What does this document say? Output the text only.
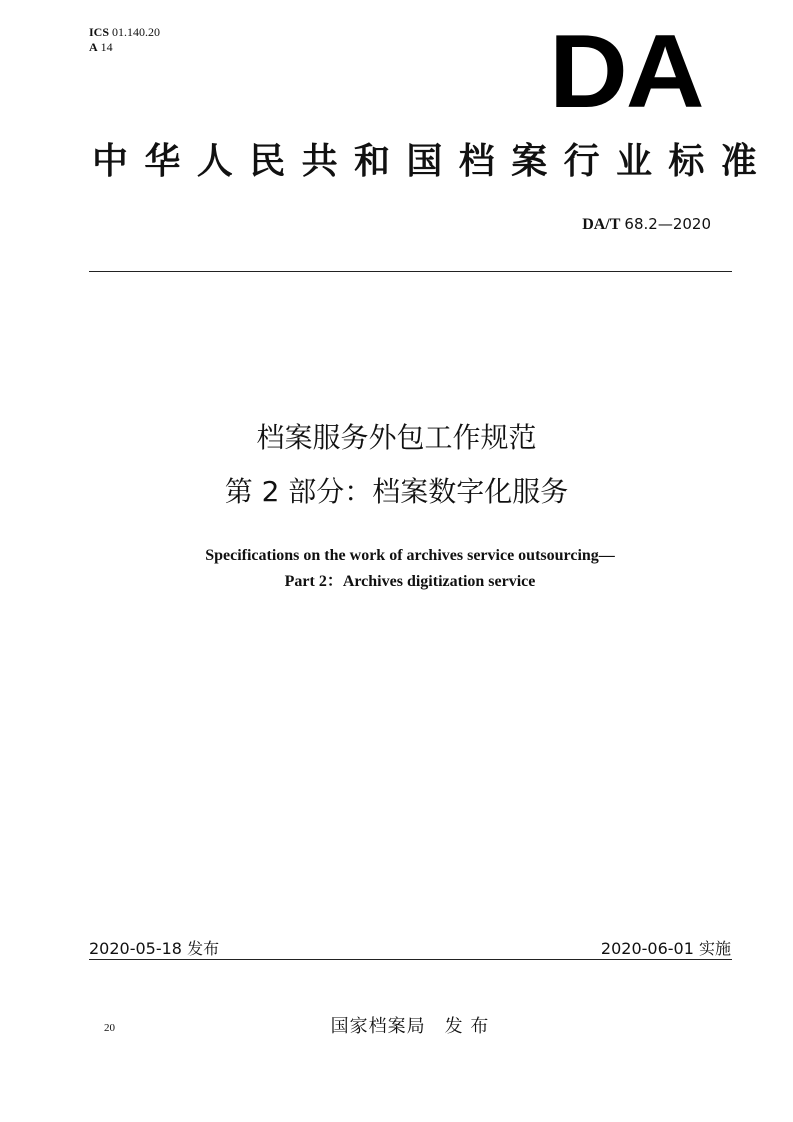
ICS 01.140.20
A 14	DA
中华人民共和国档案行业标准
DA/T 68.2—2020
档案服务外包工作规范
第 2 部分：档案数字化服务
Specifications on the work of archives service outsourcing—
Part 2：Archives digitization service
2020-05-18 发布	2020-06-01 实施
20	国家档案局　发 布
